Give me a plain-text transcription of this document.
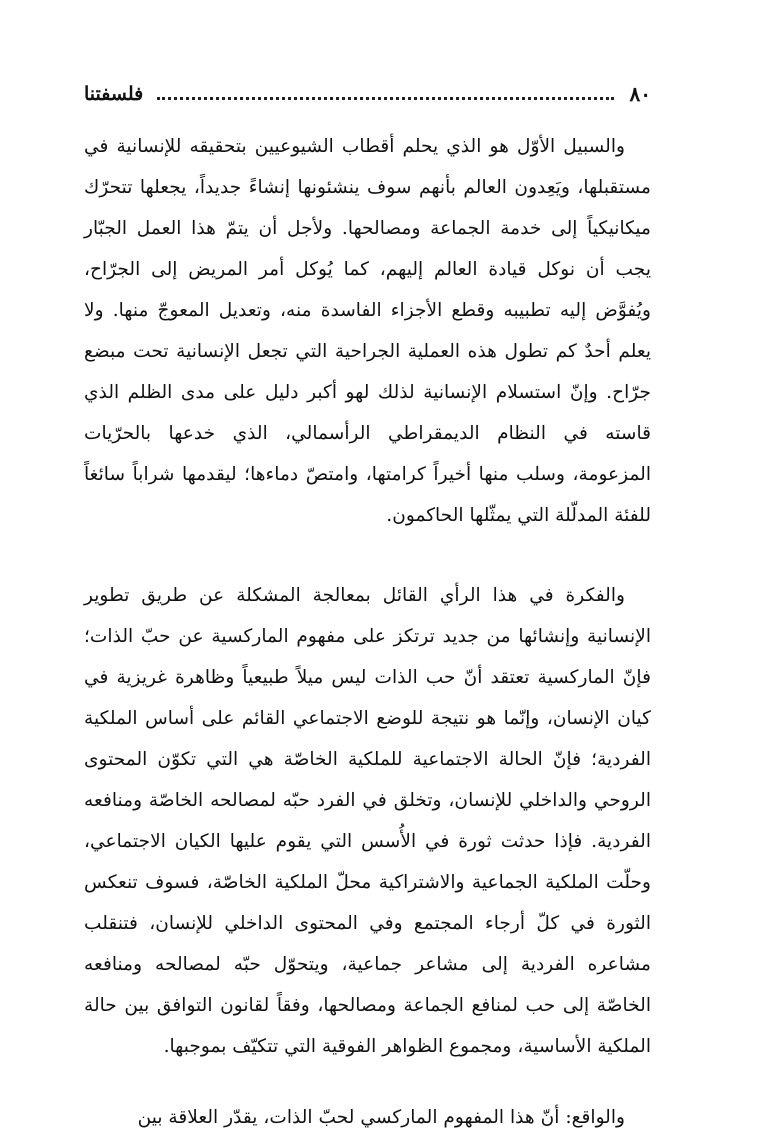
٨٠
فلسفتنا

والسبيل الأوّل هو الذي يحلم أقطاب الشيوعيين بتحقيقه للإنسانية في مستقبلها، ويَعِدون العالم بأنهم سوف ينشئونها إنشاءً جديداً، يجعلها تتحرّك ميكانيكياً إلى خدمة الجماعة ومصالحها. ولأجل أن يتمّ هذا العمل الجبّار يجب أن نوكل قيادة العالم إليهم، كما يُوكل أمر المريض إلى الجرّاح، ويُفوَّض إليه تطبيبه وقطع الأجزاء الفاسدة منه، وتعديل المعوجّ منها. ولا يعلم أحدٌ كم تطول هذه العملية الجراحية التي تجعل الإنسانية تحت مبضع جرّاح. وإنّ استسلام الإنسانية لذلك لهو أكبر دليل على مدى الظلم الذي قاسته في النظام الديمقراطي الرأسمالي، الذي خدعها بالحرّيات المزعومة، وسلب منها أخيراً كرامتها، وامتصّ دماءها؛ ليقدمها شراباً سائغاً للفئة المدلّلة التي يمثّلها الحاكمون.

والفكرة في هذا الرأي القائل بمعالجة المشكلة عن طريق تطوير الإنسانية وإنشائها من جديد ترتكز على مفهوم الماركسية عن حبّ الذات؛ فإنّ الماركسية تعتقد أنّ حب الذات ليس ميلاً طبيعياً وظاهرة غريزية في كيان الإنسان، وإنّما هو نتيجة للوضع الاجتماعي القائم على أساس الملكية الفردية؛ فإنّ الحالة الاجتماعية للملكية الخاصّة هي التي تكوّن المحتوى الروحي والداخلي للإنسان، وتخلق في الفرد حبّه لمصالحه الخاصّة ومنافعه الفردية. فإذا حدثت ثورة في الأُسس التي يقوم عليها الكيان الاجتماعي، وحلّت الملكية الجماعية والاشتراكية محلّ الملكية الخاصّة، فسوف تنعكس الثورة في كلّ أرجاء المجتمع وفي المحتوى الداخلي للإنسان، فتنقلب مشاعره الفردية إلى مشاعر جماعية، ويتحوّل حبّه لمصالحه ومنافعه الخاصّة إلى حب لمنافع الجماعة ومصالحها، وفقاً لقانون التوافق بين حالة الملكية الأساسية، ومجموع الظواهر الفوقية التي تتكيّف بموجبها.

والواقع: أنّ هذا المفهوم الماركسي لحبّ الذات، يقدّر العلاقة بين
